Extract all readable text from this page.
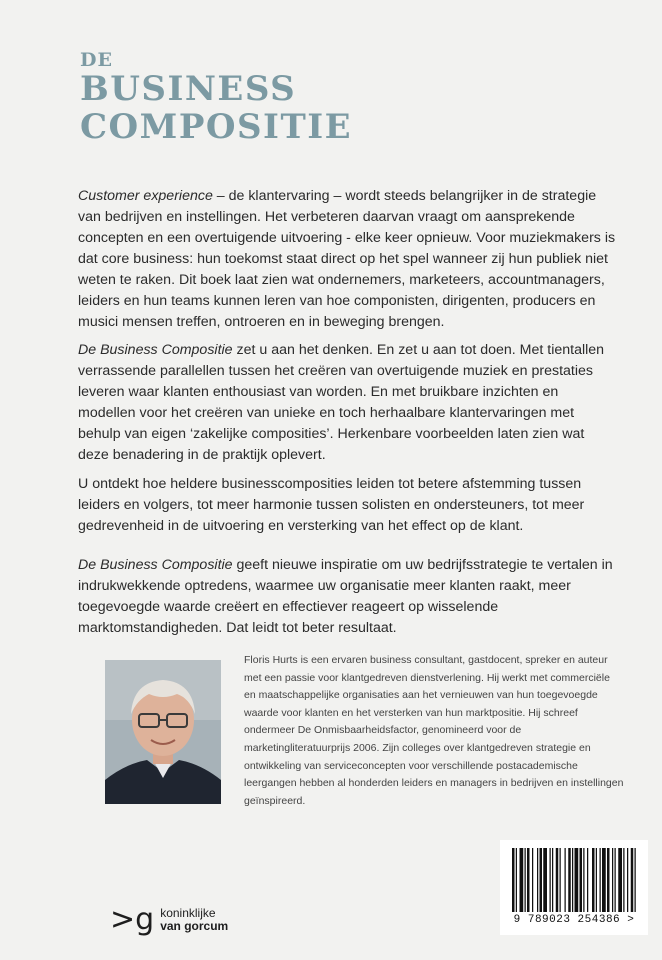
DE
BUSINESS
COMPOSITIE

Customer experience – de klantervaring – wordt steeds belangrijker in de strategie van bedrijven en instellingen. Het verbeteren daarvan vraagt om aansprekende concepten en een overtuigende uitvoering - elke keer opnieuw. Voor muziekmakers is dat core business: hun toekomst staat direct op het spel wanneer zij hun publiek niet weten te raken. Dit boek laat zien wat ondernemers, marketeers, accountmanagers, leiders en hun teams kunnen leren van hoe componisten, dirigenten, producers en musici mensen treffen, ontroeren en in beweging brengen.

De Business Compositie zet u aan het denken. En zet u aan tot doen. Met tientallen verrassende parallellen tussen het creëren van overtuigende muziek en prestaties leveren waar klanten enthousiast van worden. En met bruikbare inzichten en modellen voor het creëren van unieke en toch herhaalbare klantervaringen met behulp van eigen ‘zakelijke composities’. Herkenbare voorbeelden laten zien wat deze benadering in de praktijk oplevert.

U ontdekt hoe heldere businesscomposities leiden tot betere afstemming tussen leiders en volgers, tot meer harmonie tussen solisten en ondersteuners, tot meer gedrevenheid in de uitvoering en versterking van het effect op de klant.

De Business Compositie geeft nieuwe inspiratie om uw bedrijfsstrategie te vertalen in indrukwekkende optredens, waarmee uw organisatie meer klanten raakt, meer toegevoegde waarde creëert en effectiever reageert op wisselende marktomstandigheden. Dat leidt tot beter resultaat.

Floris Hurts is een ervaren business consultant, gastdocent, spreker en auteur met een passie voor klantgedreven dienstverlening. Hij werkt met commerciële en maatschappelijke organisaties aan het vernieuwen van hun toegevoegde waarde voor klanten en het versterken van hun marktpositie. Hij schreef ondermeer De Onmisbaarheidsfactor, genomineerd voor de marketingliteratuurprijs 2006. Zijn colleges over klantgedreven strategie en ontwikkeling van serviceconcepten voor verschillende postacademische leergangen hebben al honderden leiders en managers in bedrijven en instellingen geïnspireerd.

>g koninklijke
van gorcum	9 789023 254386 >
